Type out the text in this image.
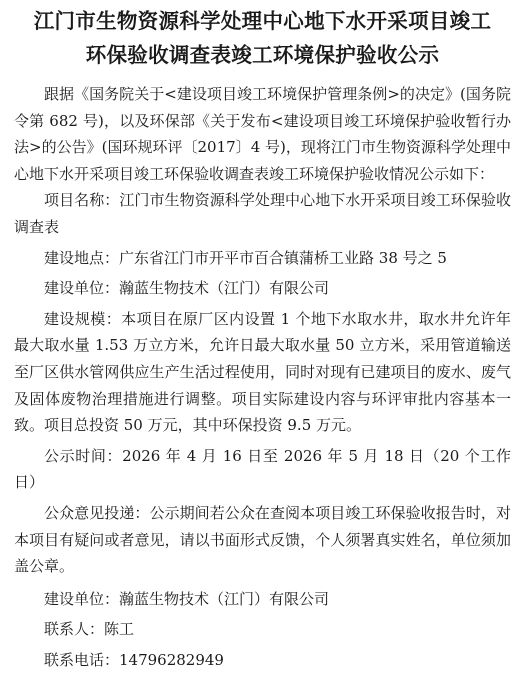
江门市生物资源科学处理中心地下水开采项目竣工
环保验收调查表竣工环境保护验收公示

跟据《国务院关于<建设项目竣工环境保护管理条例>的决定》(国务院令第 682 号)，以及环保部《关于发布<建设项目竣工环境保护验收暂行办法>的公告》(国环规环评〔2017〕4 号)，现将江门市生物资源科学处理中心地下水开采项目竣工环保验收调查表竣工环境保护验收情况公示如下：

项目名称：江门市生物资源科学处理中心地下水开采项目竣工环保验收调查表

建设地点：广东省江门市开平市百合镇蒲桥工业路 38 号之 5

建设单位：瀚蓝生物技术（江门）有限公司

建设规模：本项目在原厂区内设置 1 个地下水取水井，取水井允许年最大取水量 1.53 万立方米，允许日最大取水量 50 立方米，采用管道输送至厂区供水管网供应生产生活过程使用，同时对现有已建项目的废水、废气及固体废物治理措施进行调整。项目实际建设内容与环评审批内容基本一致。项目总投资 50 万元，其中环保投资 9.5 万元。

公示时间：2026 年 4 月 16 日至 2026 年 5 月 18 日（20 个工作日）

公众意见投递：公示期间若公众在查阅本项目竣工环保验收报告时，对本项目有疑问或者意见，请以书面形式反馈，个人须署真实姓名，单位须加盖公章。

建设单位：瀚蓝生物技术（江门）有限公司

联系人：陈工

联系电话：14796282949
